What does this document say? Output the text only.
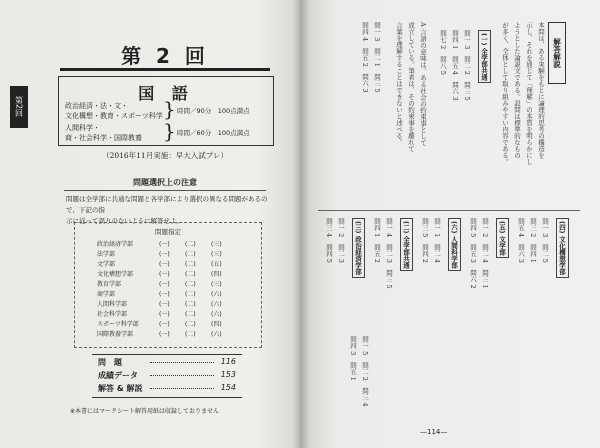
第2回
第 2 回
国 語
政治経済・法・文・
文化構想・教育・スポーツ科学 } 時間／90分　100点満点
人間科学・
商・社会科学・国際教養 } 時間／60分　100点満点
（2016年11月実施：早大入試プレ）
問題選択上の注意
問題は全学部に共通な問題と各学部により選択の異なる問題があるので、下記の指
示に従って誤りのないように解答せよ。
問題指定
政治経済学部	(一)	(二)	(三)
法学部	(一)	(二)	(三)
文学部	(一)	(二)	(五)
文化構想学部	(一)	(二)	(四)
教育学部	(一)	(二)	(三)
商学部	(一)	(二)	(六)
人間科学部	(一)	(二)	(六)
社会科学部	(一)	(二)	(六)
スポーツ科学部	(一)	(二)	(四)
国際教養学部	(一)	(二)	(六)
問　題	116
成績データ	153
解答 & 解説	154
※本書にはマークシート解答用紙は収録しておりません
解答解説
本問は、ある実験をもとに論理的思考の構造を
示し、それを通じて「理解」の本質を明らかにし
ようとした論説文である。設問は標準的なもの
が多く、全体として取り組みやすい内容である。
(一) 全学部共通
問一 3　問二 2　問三 5
問四 1　問五 4　問六 3
問七 2　問八 5
A 言語の意味は、ある社会の約束事として
成立している。筆者は、その約束事を離れて
言葉を理解することはできないと述べる。
問一 3　問二 1　問三 5
問四 4　問五 2　問六 3
(四) 文化構想学部
問一 3　問二 5
問三 2　問四 1
問五 4　問六 3
(五) 文学部
問一 2　問二 4　問三 1
問四 5　問五 3　問六 2
(六) 人間科学部
問一 1　問二 4
問三 5　問四 2
(二) 全学部共通
問一 4　問二 3　問三 5
問四 1　問五 2
(三) 政治経済学部
問一 2　問二 3
問三 4　問四 5
問一 5　問二 2　問三 4
問四 3　問五 1
—114—
